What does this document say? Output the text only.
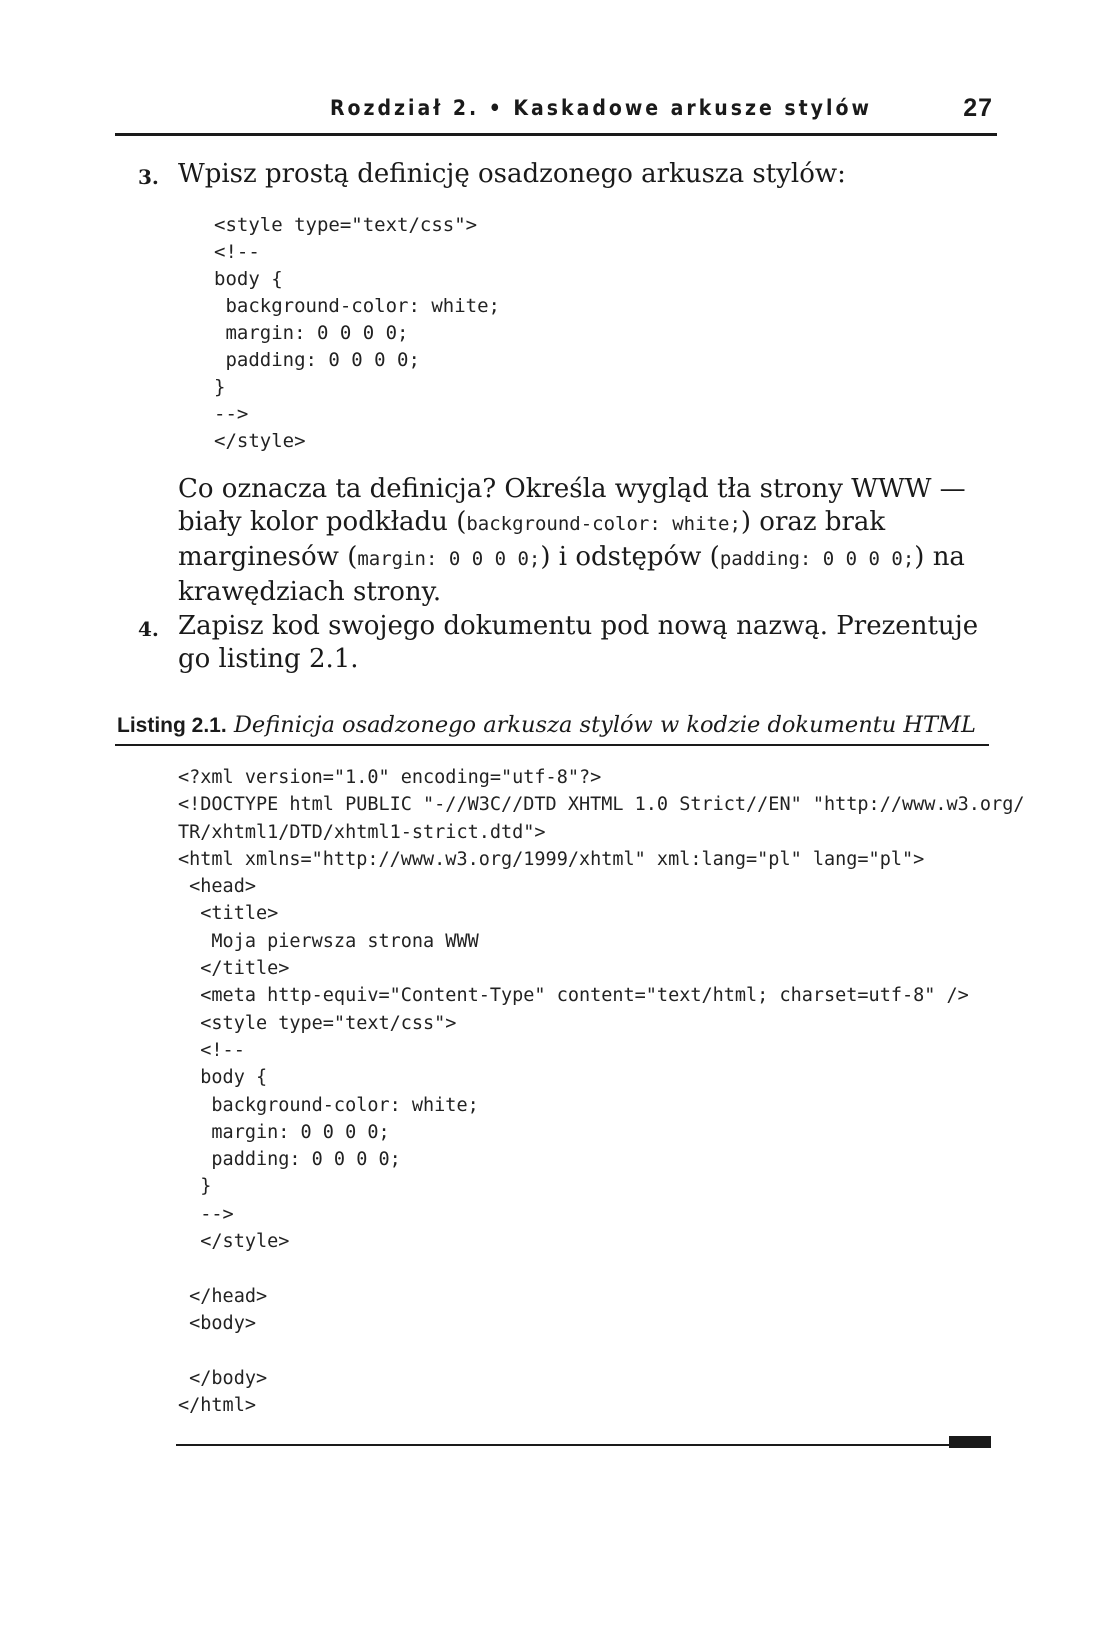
Rozdział 2. • Kaskadowe arkusze stylów	27
3. Wpisz prostą definicję osadzonego arkusza stylów:
<style type="text/css">
<!--
body {
background-color: white;
margin: 0 0 0 0;
padding: 0 0 0 0;
}
-->
</style>
Co oznacza ta definicja? Określa wygląd tła strony WWW — biały kolor podkładu (background-color: white;) oraz brak marginesów (margin: 0 0 0 0;) i odstępów (padding: 0 0 0 0;) na krawędziach strony.
4. Zapisz kod swojego dokumentu pod nową nazwą. Prezentuje go listing 2.1.
Listing 2.1. Definicja osadzonego arkusza stylów w kodzie dokumentu HTML
<?xml version="1.0" encoding="utf-8"?>
<!DOCTYPE html PUBLIC "-//W3C//DTD XHTML 1.0 Strict//EN" "http://www.w3.org/
TR/xhtml1/DTD/xhtml1-strict.dtd">
<html xmlns="http://www.w3.org/1999/xhtml" xml:lang="pl" lang="pl">
<head>
<title>
Moja pierwsza strona WWW
</title>
<meta http-equiv="Content-Type" content="text/html; charset=utf-8" />
<style type="text/css">
<!--
body {
background-color: white;
margin: 0 0 0 0;
padding: 0 0 0 0;
}
-->
</style>

</head>
<body>

</body>
</html>
